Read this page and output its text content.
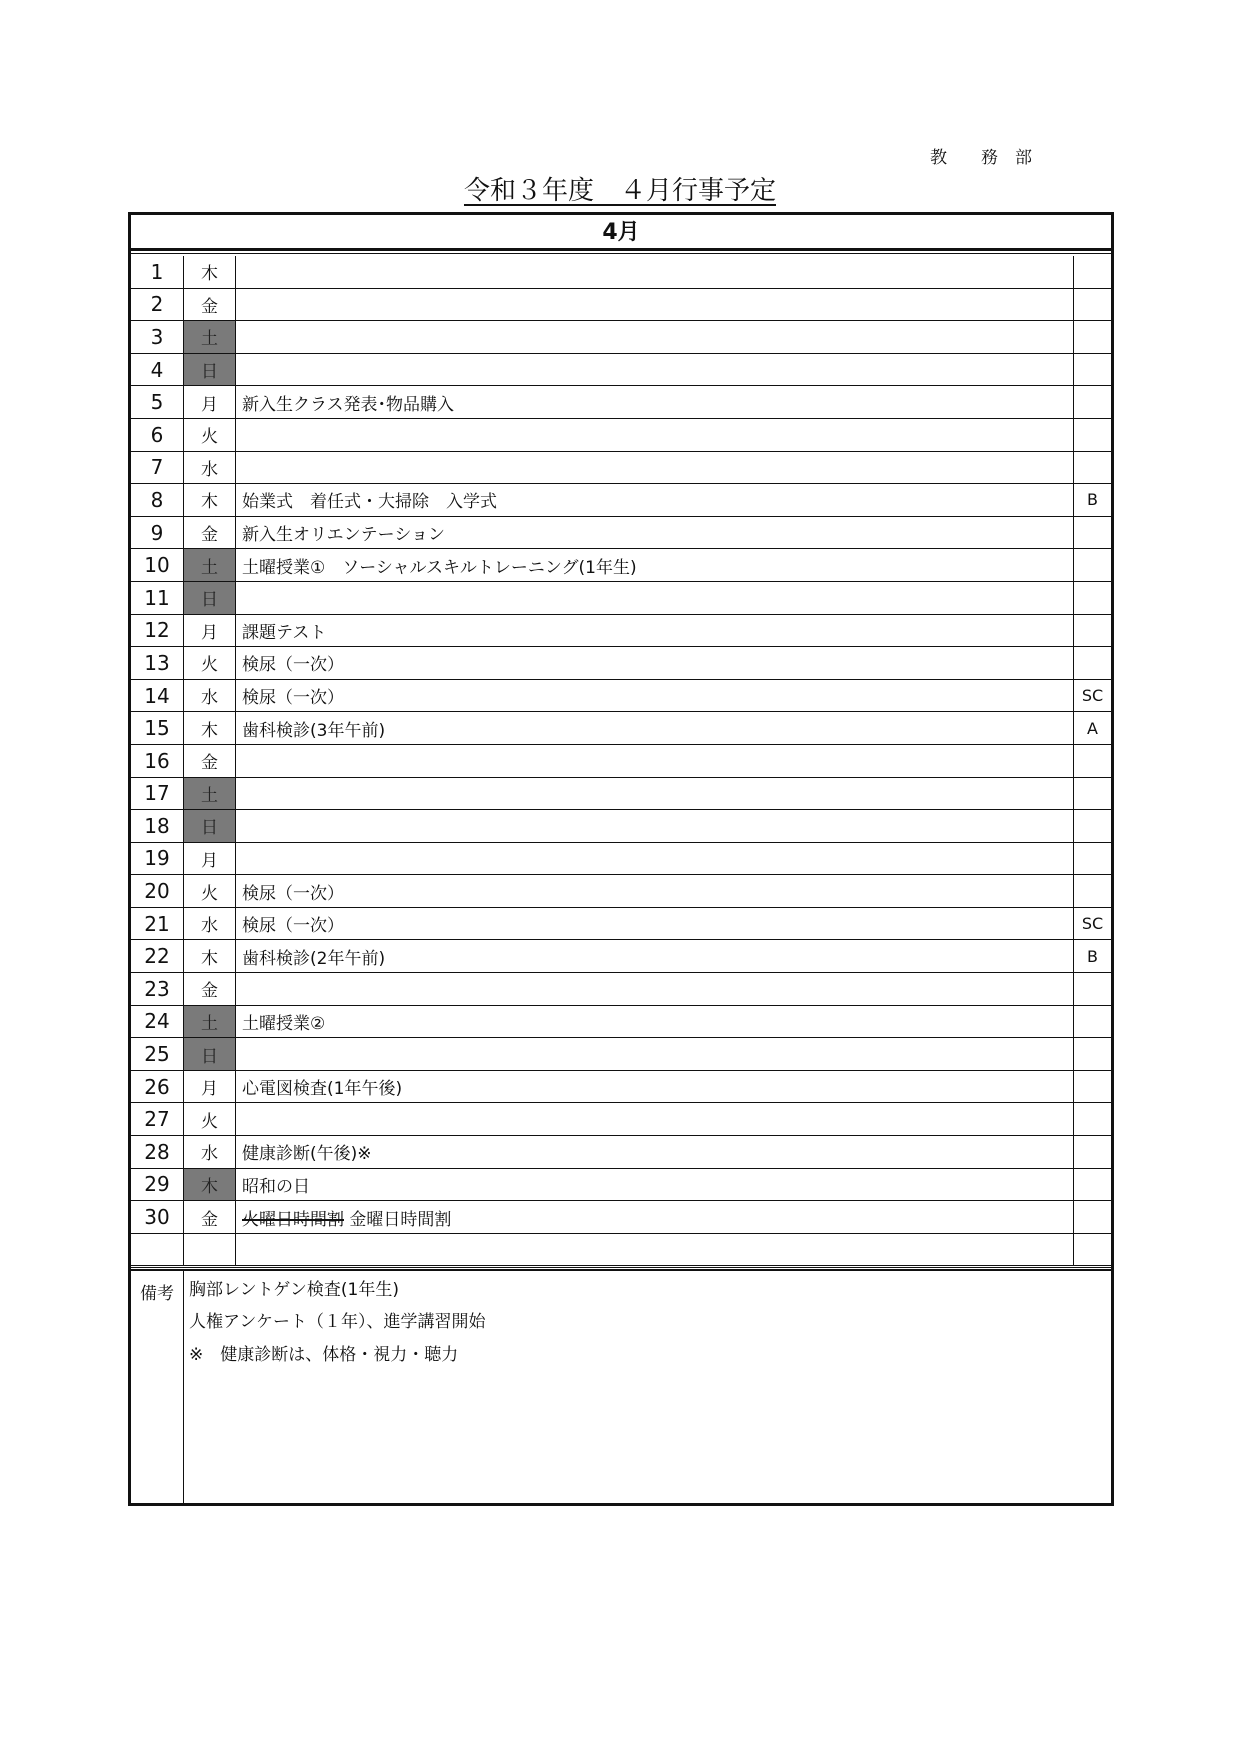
教　　務　部
令和３年度　４月行事予定
4月
1	木
2	金
3	土
4	日
5	月	新入生クラス発表･物品購入
6	火
7	水
8	木	始業式　着任式・大掃除　入学式	B
9	金	新入生オリエンテーション
10	土	土曜授業①　ソーシャルスキルトレーニング(1年生)
11	日
12	月	課題テスト
13	火	検尿（一次）
14	水	検尿（一次）	SC
15	木	歯科検診(3年午前)	A
16	金
17	土
18	日
19	月
20	火	検尿（一次）
21	水	検尿（一次）	SC
22	木	歯科検診(2年午前)	B
23	金
24	土	土曜授業②
25	日
26	月	心電図検査(1年午後)
27	火
28	水	健康診断(午後)※
29	木	昭和の日
30	金	火曜日時間割 金曜日時間割
備考 胸部レントゲン検査(1年生)
人権アンケート（１年）、進学講習開始
※　健康診断は、体格・視力・聴力
